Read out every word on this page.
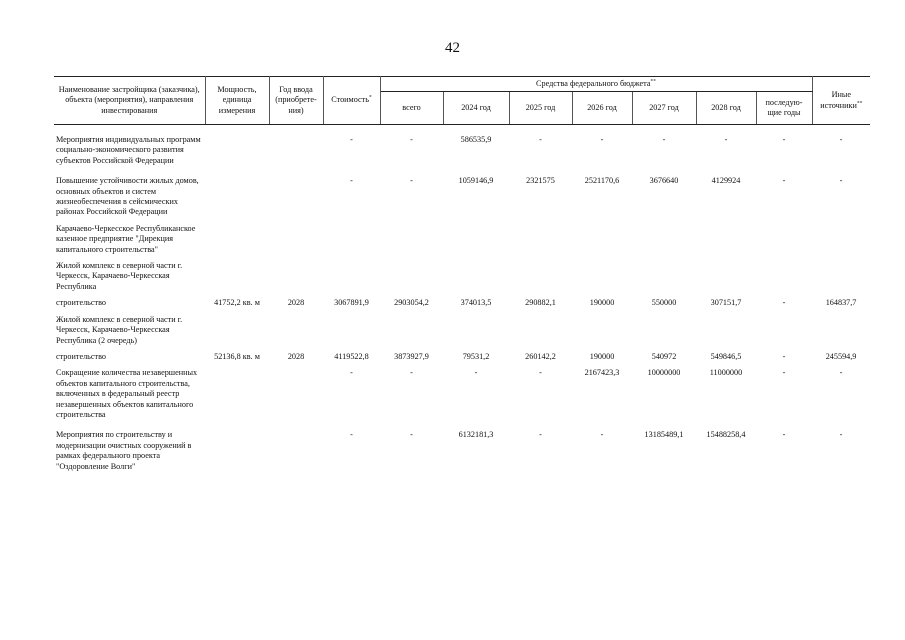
42
Наименование застройщика (заказчика), объекта (мероприятия), направления инвестирования	Мощность, единица измерения	Год ввода (приобрете-ния)	Стоимость*	Средства федерального бюджета**							Иные источники**
				всего	2024 год	2025 год	2026 год	2027 год	2028 год	последую-щие годы	

Мероприятия индивидуальных программ социально-экономического развития субъектов Российской Федерации			-	-	586535,9	-	-	-	-	-	-
Повышение устойчивости жилых домов, основных объектов и систем жизнеобеспечения в сейсмических районах Российской Федерации			-	-	1059146,9	2321575	2521170,6	3676640	4129924	-	-
Карачаево-Черкесское Республиканское казенное предприятие "Дирекция капитального строительства"											
Жилой комплекс в северной части г. Черкесск, Карачаево-Черкесская Республика											
строительство	41752,2 кв. м	2028	3067891,9	2903054,2	374013,5	290882,1	190000	550000	307151,7	-	164837,7
Жилой комплекс в северной части г. Черкесск, Карачаево-Черкесская Республика (2 очередь)											
строительство	52136,8 кв. м	2028	4119522,8	3873927,9	79531,2	260142,2	190000	540972	549846,5	-	245594,9
Сокращение количества незавершенных объектов капитального строительства, включенных в федеральный реестр незавершенных объектов капитального строительства			-	-	-	-	2167423,3	10000000	11000000	-	-
Мероприятия по строительству и модернизации очистных сооружений в рамках федерального проекта "Оздоровление Волги"			-	-	6132181,3	-	-	13185489,1	15488258,4	-	-
